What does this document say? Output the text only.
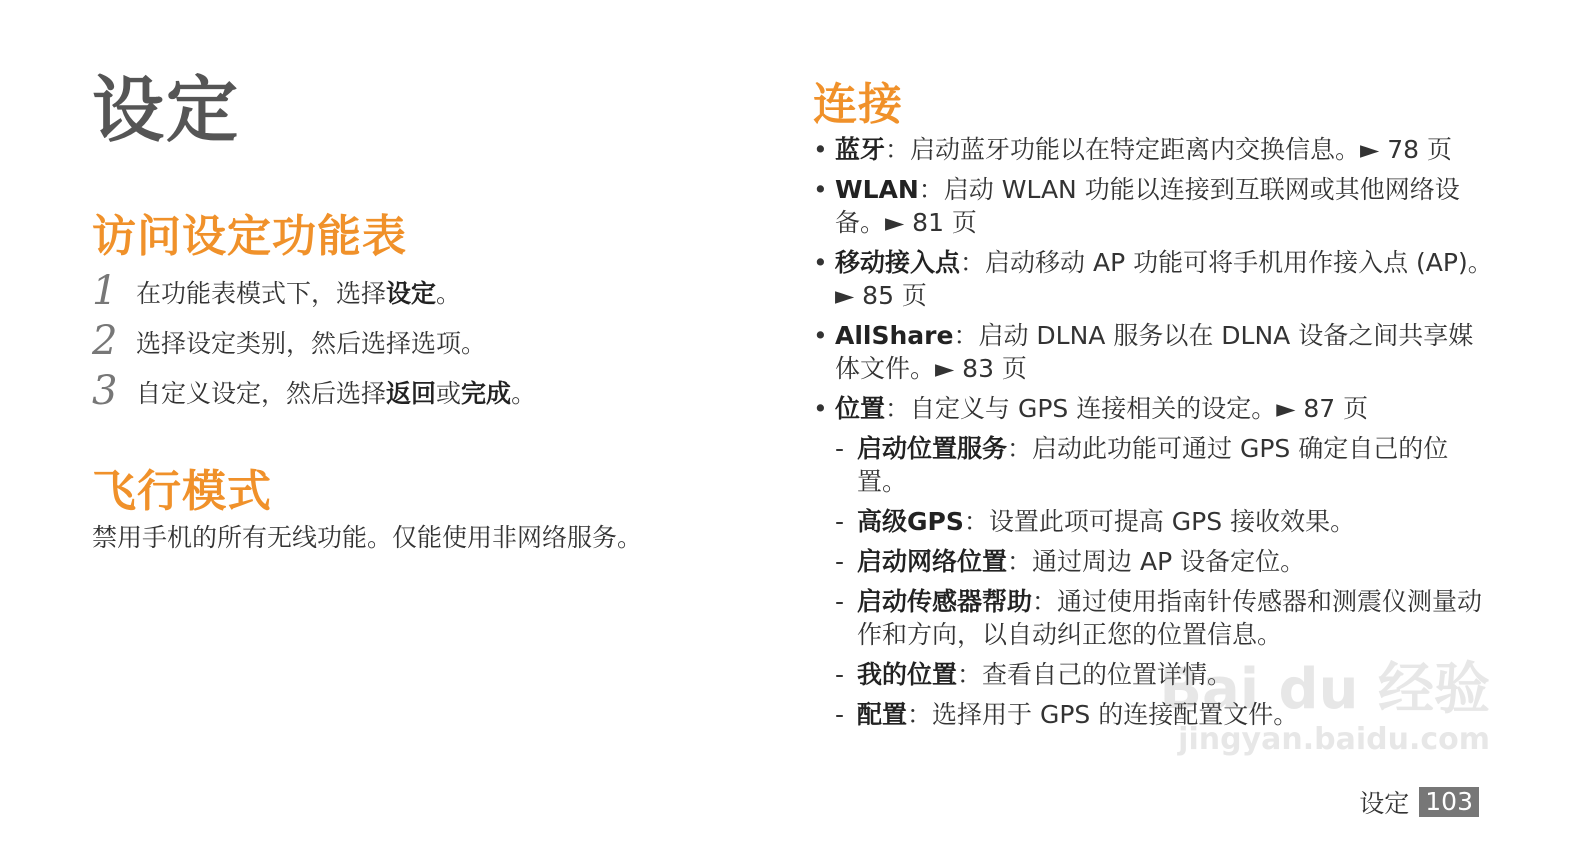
设定
访问设定功能表
1 在功能表模式下，选择设定。
2 选择设定类别，然后选择选项。
3 自定义设定，然后选择返回或完成。
飞行模式

禁用手机的所有无线功能。仅能使用非网络服务。

连接
• 蓝牙：启动蓝牙功能以在特定距离内交换信息。► 78 页
• WLAN：启动 WLAN 功能以连接到互联网或其他网络设备。► 81 页
• 移动接入点：启动移动 AP 功能可将手机用作接入点 (AP)。► 85 页
• AllShare：启动 DLNA 服务以在 DLNA 设备之间共享媒体文件。► 83 页
• 位置：自定义与 GPS 连接相关的设定。► 87 页
- 启动位置服务：启动此功能可通过 GPS 确定自己的位置。
- 高级GPS：设置此项可提高 GPS 接收效果。
- 启动网络位置：通过周边 AP 设备定位。
- 启动传感器帮助：通过使用指南针传感器和测震仪测量动作和方向，以自动纠正您的位置信息。
- 我的位置：查看自己的位置详情。
- 配置：选择用于 GPS 的连接配置文件。
Bai du 经验
jingyan.baidu.com
设定 103
